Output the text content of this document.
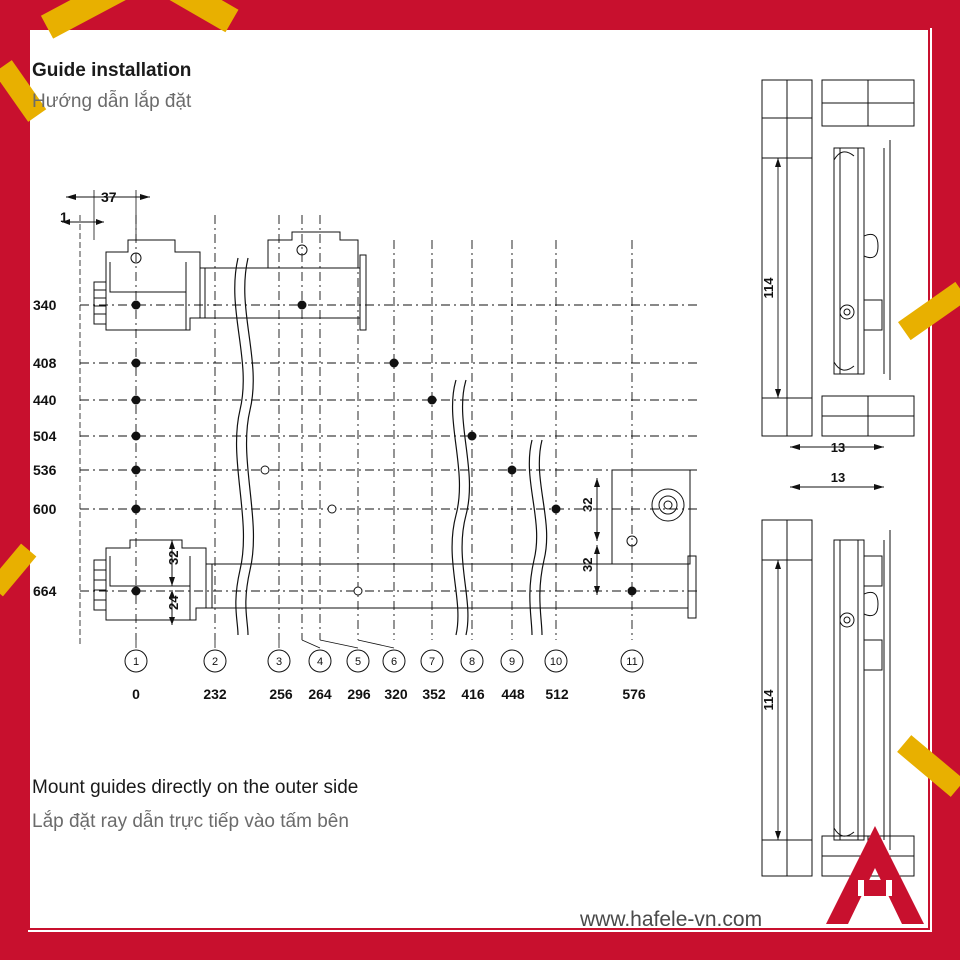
Guide installation
Hướng dẫn lắp đặt
340
408
440
504
536
600
664
37
1
32
24
32
32
1	2	3	4	5	6	7	8	9	10	11
0	232	256 264 296 320 352 416 448 512	576
114
13
13
114
Mount guides directly on the outer side
Lắp đặt ray dẫn trực tiếp vào tấm bên
www.hafele-vn.com
